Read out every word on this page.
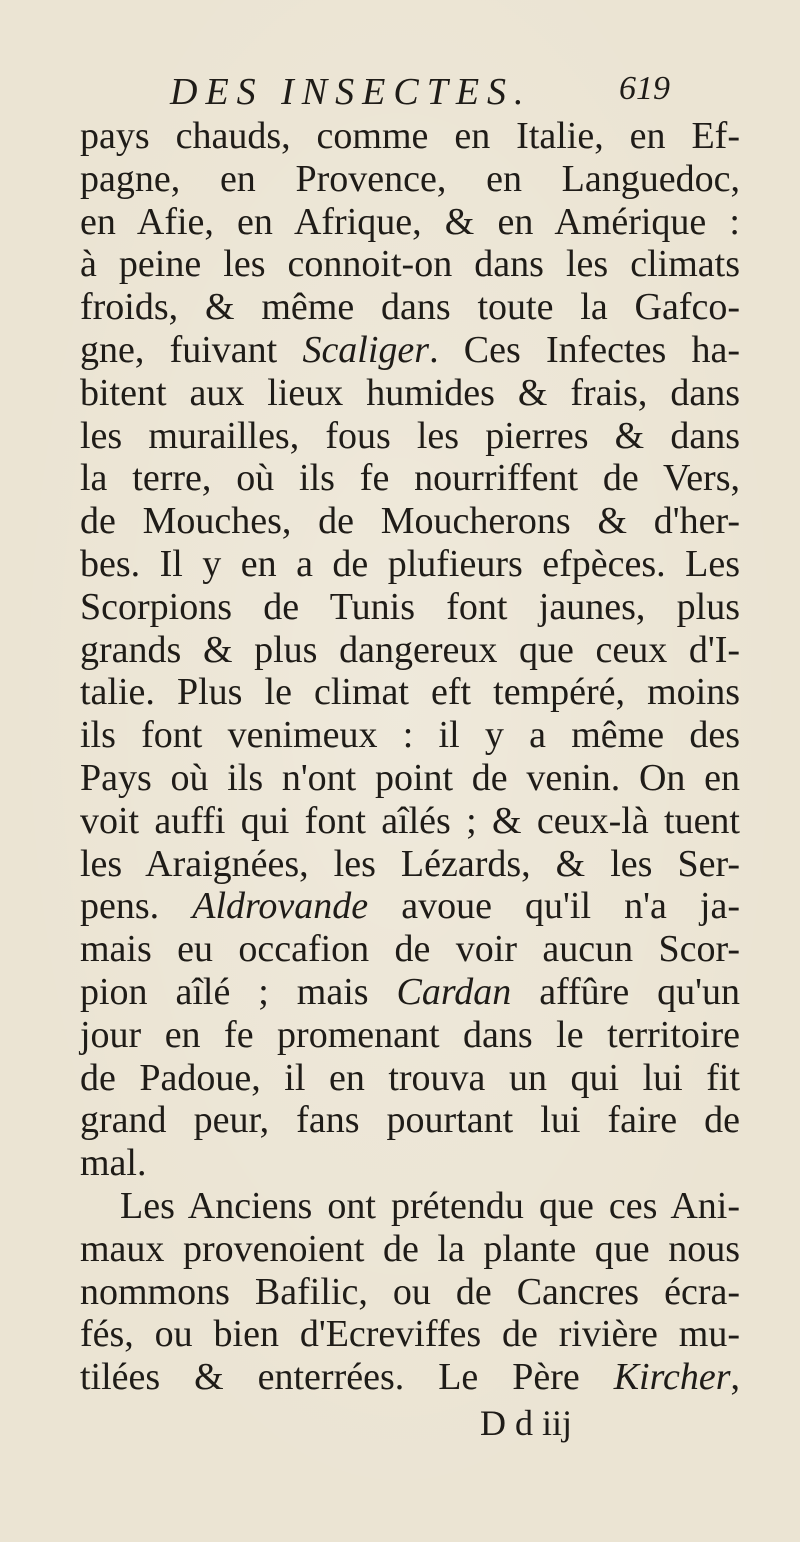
DES INSECTES.	619
pays chauds, comme en Italie, en Ef-
pagne, en Provence, en Languedoc,
en Afie, en Afrique, & en Amérique :
à peine les connoit-on dans les climats
froids, & même dans toute la Gafco-
gne, fuivant Scaliger. Ces Infectes ha-
bitent aux lieux humides & frais, dans
les murailles, fous les pierres & dans
la terre, où ils fe nourriffent de Vers,
de Mouches, de Moucherons & d'her-
bes. Il y en a de plufieurs efpèces. Les
Scorpions de Tunis font jaunes, plus
grands & plus dangereux que ceux d'I-
talie. Plus le climat eft tempéré, moins
ils font venimeux : il y a même des
Pays où ils n'ont point de venin. On en
voit auffi qui font aîlés ; & ceux-là tuent
les Araignées, les Lézards, & les Ser-
pens. Aldrovande avoue qu'il n'a ja-
mais eu occafion de voir aucun Scor-
pion aîlé ; mais Cardan affûre qu'un
jour en fe promenant dans le territoire
de Padoue, il en trouva un qui lui fit
grand peur, fans pourtant lui faire de
mal.
Les Anciens ont prétendu que ces Ani-
maux provenoient de la plante que nous
nommons Bafilic, ou de Cancres écra-
fés, ou bien d'Ecreviffes de rivière mu-
tilées & enterrées. Le Père Kircher,
D d iij
